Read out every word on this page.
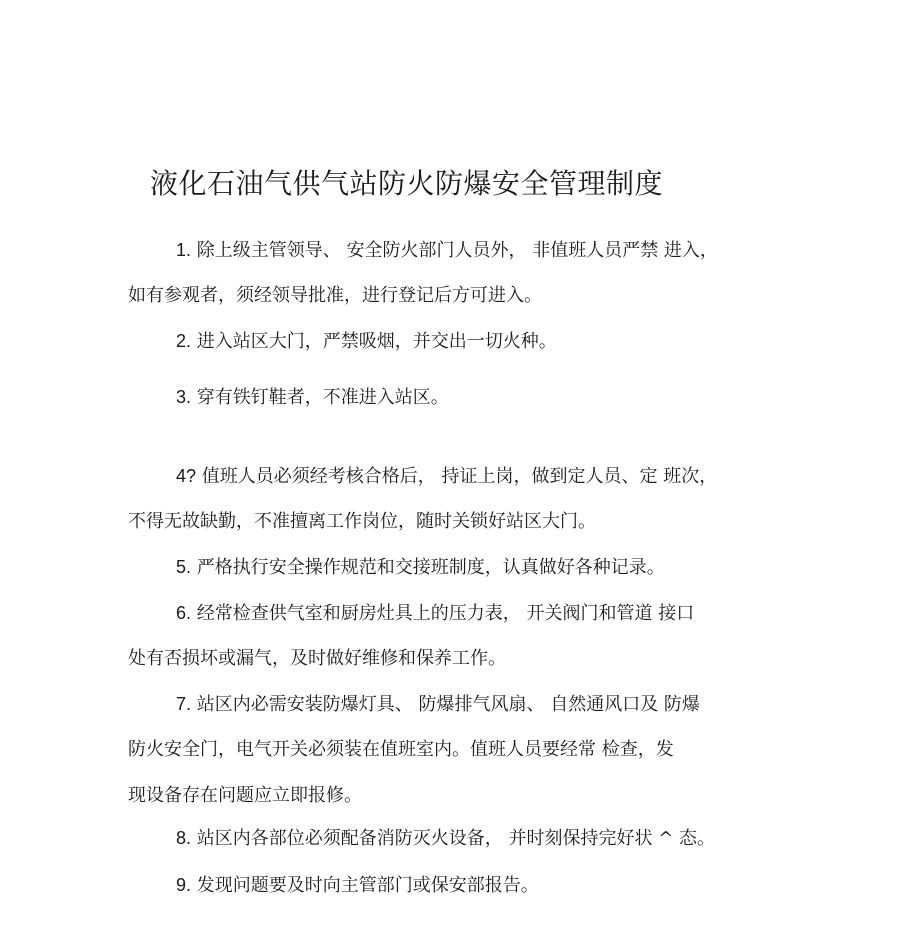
液化石油气供气站防火防爆安全管理制度
1. 除上级主管领导、 安全防火部门人员外， 非值班人员严禁 进入，
如有参观者，须经领导批准，进行登记后方可进入。
2. 进入站区大门，严禁吸烟，并交出一切火种。
3. 穿有铁钉鞋者，不准进入站区。
4? 值班人员必须经考核合格后， 持证上岗，做到定人员、定 班次，
不得无故缺勤，不准擅离工作岗位，随时关锁好站区大门。
5. 严格执行安全操作规范和交接班制度，认真做好各种记录。
6. 经常检查供气室和厨房灶具上的压力表， 开关阀门和管道 接口
处有否损坏或漏气，及时做好维修和保养工作。
7. 站区内必需安装防爆灯具、 防爆排气风扇、 自然通风口及 防爆
防火安全门，电气开关必须装在值班室内。值班人员要经常 检查，发
现设备存在问题应立即报修。
8. 站区内各部位必须配备消防灭火设备， 并时刻保持完好状 ^ 态。
9. 发现问题要及时向主管部门或保安部报告。
